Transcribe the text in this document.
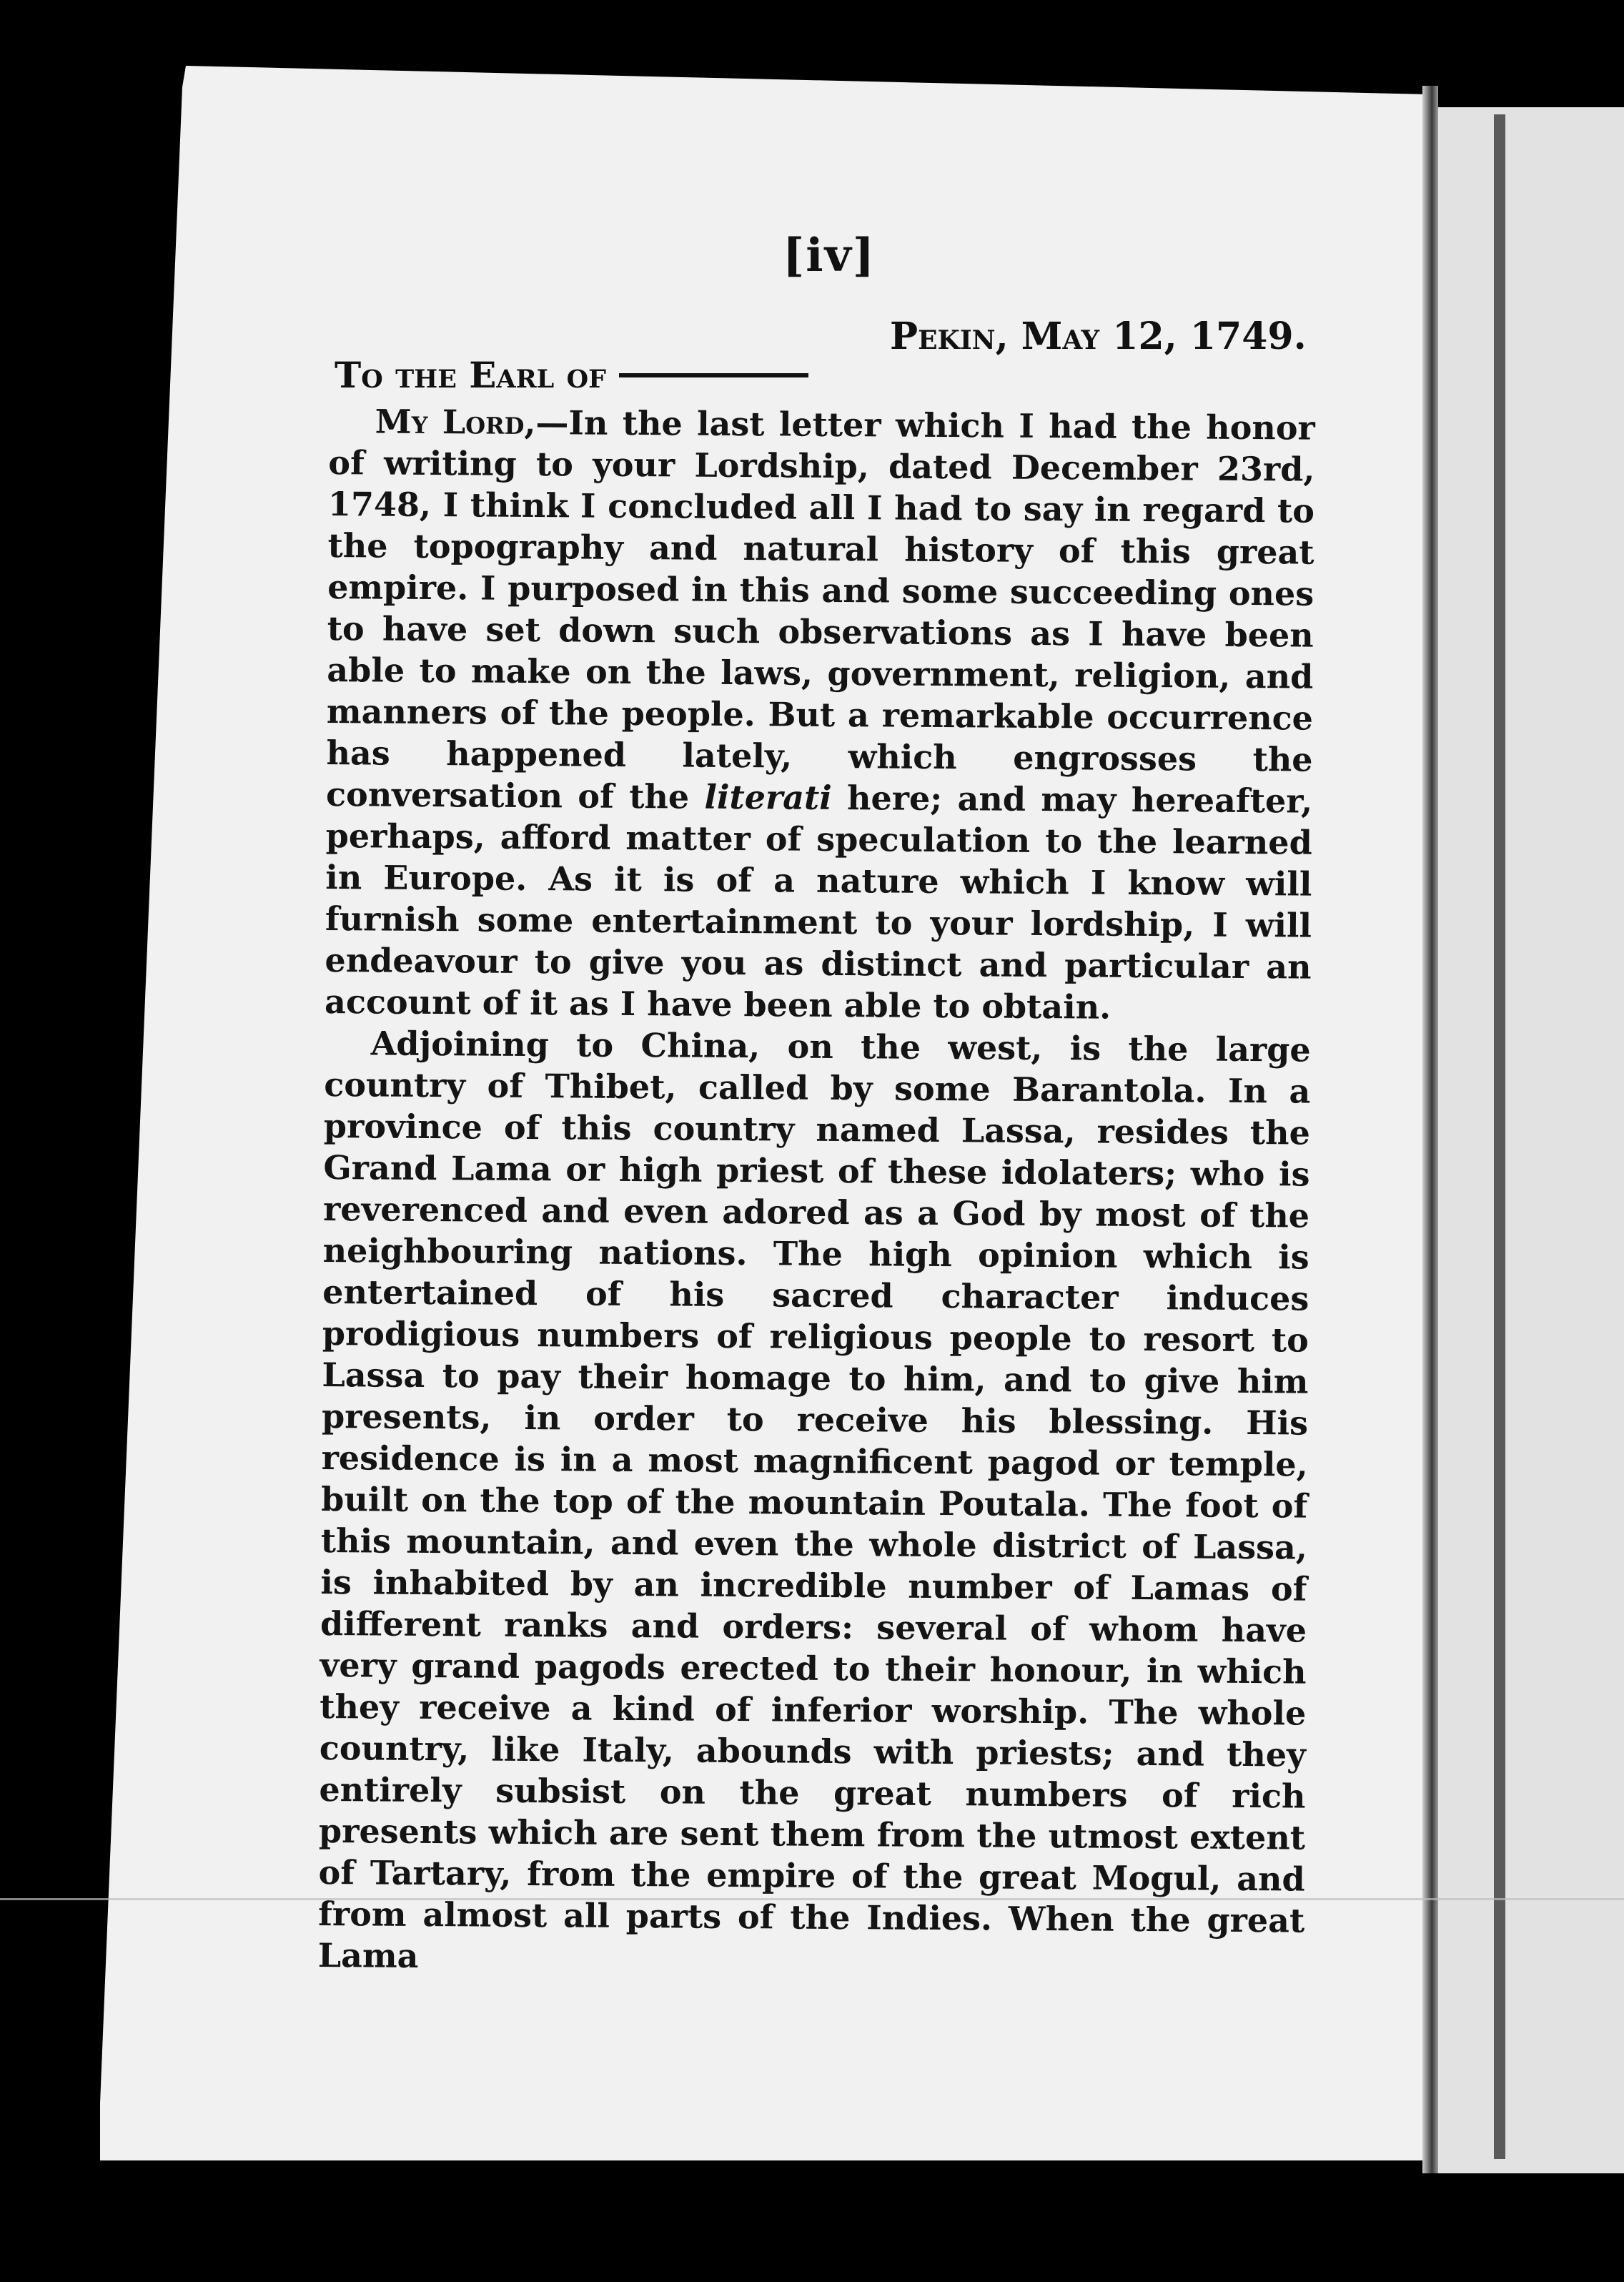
[iv]
Pekin, May 12, 1749.
To the Earl of

My Lord,—In the last letter which I had the honor of writing to your Lordship, dated December 23rd, 1748, I think I concluded all I had to say in regard to the topography and natural history of this great empire. I purposed in this and some succeeding ones to have set down such observations as I have been able to make on the laws, government, religion, and manners of the people. But a remarkable occurrence has happened lately, which engrosses the conversation of the literati here; and may hereafter, perhaps, afford matter of speculation to the learned in Europe. As it is of a nature which I know will furnish some entertainment to your lordship, I will endeavour to give you as distinct and particular an account of it as I have been able to obtain.

Adjoining to China, on the west, is the large country of Thibet, called by some Barantola. In a province of this country named Lassa, resides the Grand Lama or high priest of these idolaters; who is reverenced and even adored as a God by most of the neighbouring nations. The high opinion which is entertained of his sacred character induces prodigious numbers of religious people to resort to Lassa to pay their homage to him, and to give him presents, in order to receive his blessing. His residence is in a most magnificent pagod or temple, built on the top of the mountain Poutala. The foot of this mountain, and even the whole district of Lassa, is inhabited by an incredible number of Lamas of different ranks and orders: several of whom have very grand pagods erected to their honour, in which they receive a kind of inferior worship. The whole country, like Italy, abounds with priests; and they entirely subsist on the great numbers of rich presents which are sent them from the utmost extent of Tartary, from the empire of the great Mogul, and from almost all parts of the Indies. When the great Lama
